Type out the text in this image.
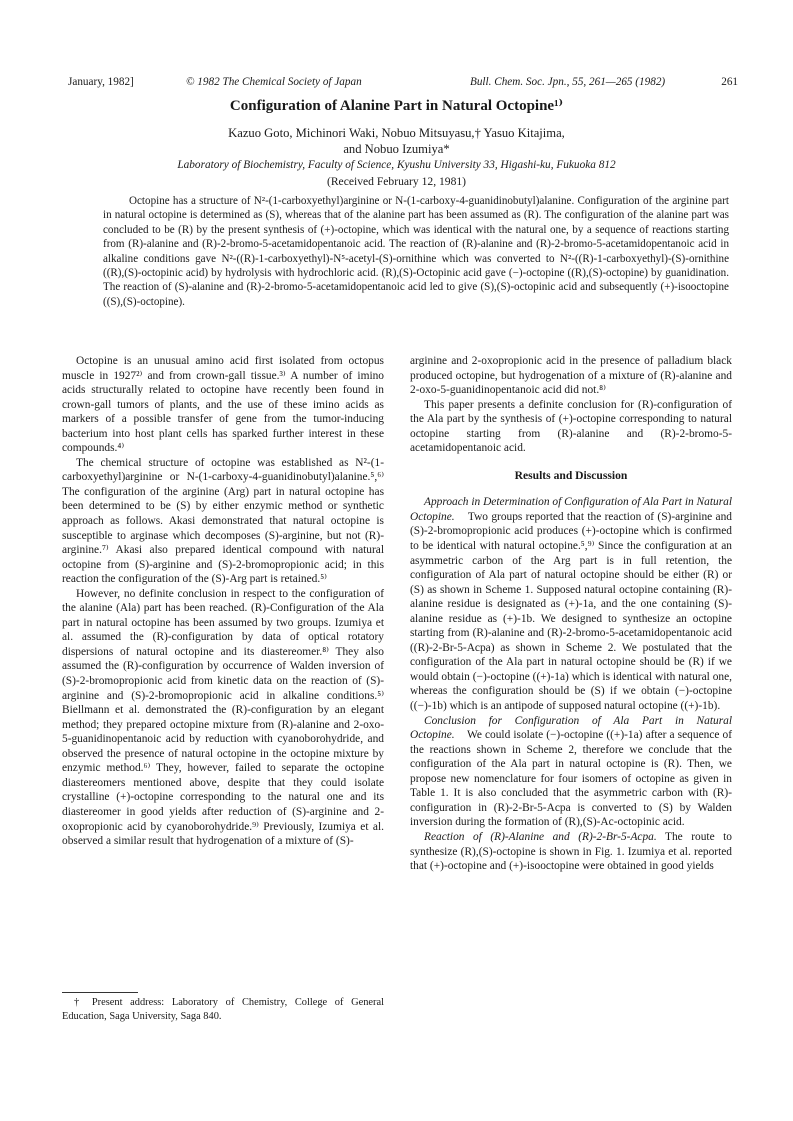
January, 1982]	© 1982 The Chemical Society of Japan	Bull. Chem. Soc. Jpn., 55, 261—265 (1982)	261
Configuration of Alanine Part in Natural Octopine¹⁾
Kazuo Goto, Michinori Waki, Nobuo Mitsuyasu,† Yasuo Kitajima,
and Nobuo Izumiya*
Laboratory of Biochemistry, Faculty of Science, Kyushu University 33, Higashi-ku, Fukuoka 812
(Received February 12, 1981)

Octopine has a structure of N²-(1-carboxyethyl)arginine or N-(1-carboxy-4-guanidinobutyl)alanine. Configuration of the arginine part in natural octopine is determined as (S), whereas that of the alanine part has been assumed as (R). The configuration of the alanine part was concluded to be (R) by the present synthesis of (+)-octopine, which was identical with the natural one, by a sequence of reactions starting from (R)-alanine and (R)-2-bromo-5-acetamidopentanoic acid. The reaction of (R)-alanine and (R)-2-bromo-5-acetamidopentanoic acid in alkaline conditions gave N²-((R)-1-carboxyethyl)-N⁵-acetyl-(S)-ornithine which was converted to N²-((R)-1-carboxyethyl)-(S)-ornithine ((R),(S)-octopinic acid) by hydrolysis with hydrochloric acid. (R),(S)-Octopinic acid gave (−)-octopine ((R),(S)-octopine) by guanidination. The reaction of (S)-alanine and (R)-2-bromo-5-acetamidopentanoic acid led to give (S),(S)-octopinic acid and subsequently (+)-isooctopine ((S),(S)-octopine).

Octopine is an unusual amino acid first isolated from octopus muscle in 1927²⁾ and from crown-gall tissue.³⁾ A number of imino acids structurally related to octopine have recently been found in crown-gall tumors of plants, and the use of these imino acids as markers of a possible transfer of gene from the tumor-inducing bacterium into host plant cells has sparked further interest in these compounds.⁴⁾

The chemical structure of octopine was established as N²-(1-carboxyethyl)arginine or N-(1-carboxy-4-guanidinobutyl)alanine.⁵,⁶⁾ The configuration of the arginine (Arg) part in natural octopine has been determined to be (S) by either enzymic method or synthetic approach as follows. Akasi demonstrated that natural octopine is susceptible to arginase which decomposes (S)-arginine, but not (R)-arginine.⁷⁾ Akasi also prepared identical compound with natural octopine from (S)-arginine and (S)-2-bromopropionic acid; in this reaction the configuration of the (S)-Arg part is retained.⁵⁾

However, no definite conclusion in respect to the configuration of the alanine (Ala) part has been reached. (R)-Configuration of the Ala part in natural octopine has been assumed by two groups. Izumiya et al. assumed the (R)-configuration by data of optical rotatory dispersions of natural octopine and its diastereomer.⁸⁾ They also assumed the (R)-configuration by occurrence of Walden inversion of (S)-2-bromopropionic acid from kinetic data on the reaction of (S)-arginine and (S)-2-bromopropionic acid in alkaline conditions.⁵⁾ Biellmann et al. demonstrated the (R)-configuration by an elegant method; they prepared octopine mixture from (R)-alanine and 2-oxo-5-guanidinopentanoic acid by reduction with cyanoborohydride, and observed the presence of natural octopine in the octopine mixture by enzymic method.⁶⁾ They, however, failed to separate the octopine diastereomers mentioned above, despite that they could isolate crystalline (+)-octopine corresponding to the natural one and its diastereomer in good yields after reduction of (S)-arginine and 2-oxopropionic acid by cyanoborohydride.⁹⁾ Previously, Izumiya et al. observed a similar result that hydrogenation of a mixture of (S)-

arginine and 2-oxopropionic acid in the presence of palladium black produced octopine, but hydrogenation of a mixture of (R)-alanine and 2-oxo-5-guanidinopentanoic acid did not.⁸⁾

This paper presents a definite conclusion for (R)-configuration of the Ala part by the synthesis of (+)-octopine corresponding to natural octopine starting from (R)-alanine and (R)-2-bromo-5-acetamidopentanoic acid.

Results and Discussion

Approach in Determination of Configuration of Ala Part in Natural Octopine. Two groups reported that the reaction of (S)-arginine and (S)-2-bromopropionic acid produces (+)-octopine which is confirmed to be identical with natural octopine.⁵,⁹⁾ Since the configuration at an asymmetric carbon of the Arg part is in full retention, the configuration of Ala part of natural octopine should be either (R) or (S) as shown in Scheme 1. Supposed natural octopine containing (R)-alanine residue is designated as (+)-1a, and the one containing (S)-alanine residue as (+)-1b. We designed to synthesize an octopine starting from (R)-alanine and (R)-2-bromo-5-acetamidopentanoic acid ((R)-2-Br-5-Acpa) as shown in Scheme 2. We postulated that the configuration of the Ala part in natural octopine should be (R) if we would obtain (−)-octopine ((+)-1a) which is identical with natural one, whereas the configuration should be (S) if we obtain (−)-octopine ((−)-1b) which is an antipode of supposed natural octopine ((+)-1b).

Conclusion for Configuration of Ala Part in Natural Octopine. We could isolate (−)-octopine ((+)-1a) after a sequence of the reactions shown in Scheme 2, therefore we conclude that the configuration of the Ala part in natural octopine is (R). Then, we propose new nomenclature for four isomers of octopine as given in Table 1. It is also concluded that the asymmetric carbon with (R)-configuration in (R)-2-Br-5-Acpa is converted to (S) by Walden inversion during the formation of (R),(S)-Ac-octopinic acid.

Reaction of (R)-Alanine and (R)-2-Br-5-Acpa. The route to synthesize (R),(S)-octopine is shown in Fig. 1. Izumiya et al. reported that (+)-octopine and (+)-isooctopine were obtained in good yields

† Present address: Laboratory of Chemistry, College of General Education, Saga University, Saga 840.
